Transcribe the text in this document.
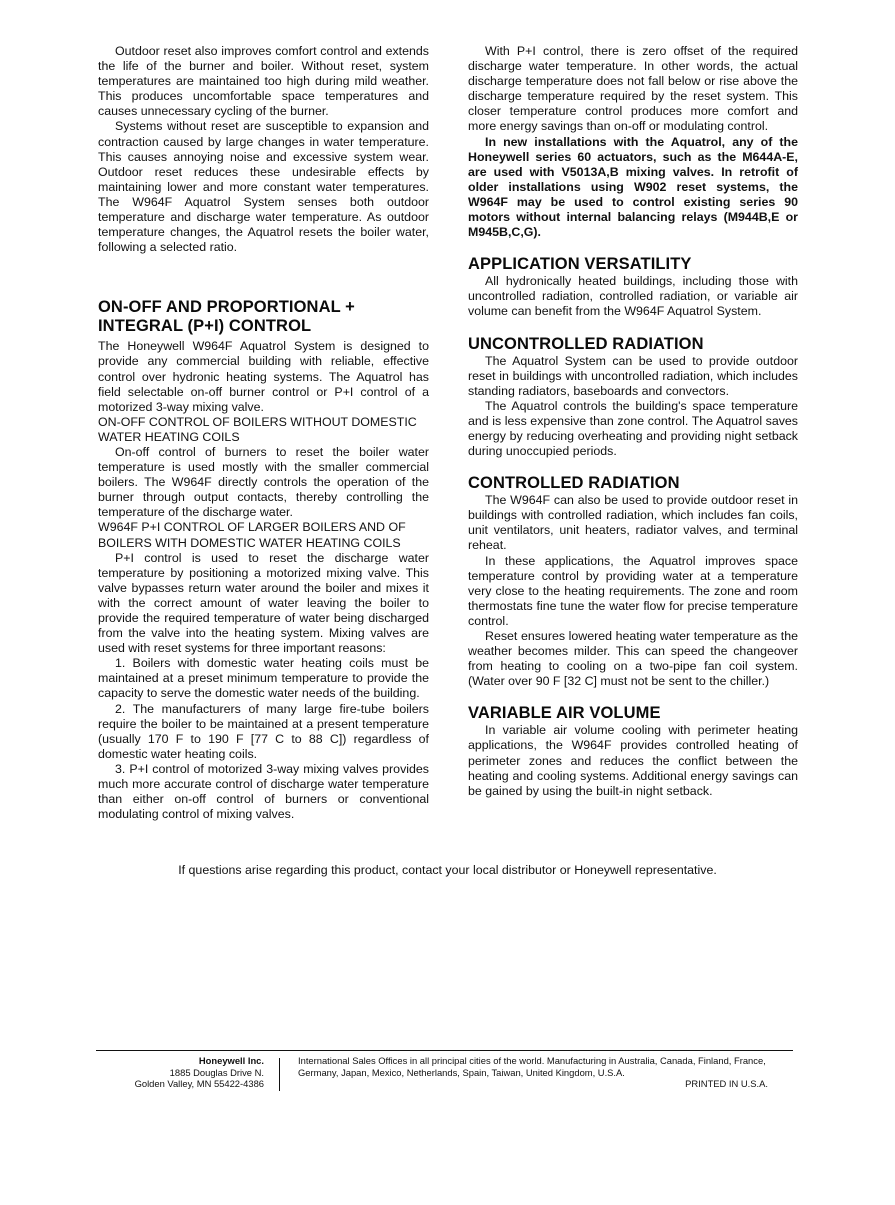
Outdoor reset also improves comfort control and extends the life of the burner and boiler. Without reset, system temperatures are maintained too high during mild weather. This produces uncomfortable space temperatures and causes unnecessary cycling of the burner.

Systems without reset are susceptible to expansion and contraction caused by large changes in water temperature. This causes annoying noise and excessive system wear. Outdoor reset reduces these undesirable effects by maintaining lower and more constant water temperatures. The W964F Aquatrol System senses both outdoor temperature and discharge water temperature. As outdoor temperature changes, the Aquatrol resets the boiler water, following a selected ratio.

ON-OFF AND PROPORTIONAL + INTEGRAL (P+I) CONTROL

The Honeywell W964F Aquatrol System is designed to provide any commercial building with reliable, effective control over hydronic heating systems. The Aquatrol has field selectable on-off burner control or P+I control of a motorized 3-way mixing valve.

ON-OFF CONTROL OF BOILERS WITHOUT DOMESTIC WATER HEATING COILS

On-off control of burners to reset the boiler water temperature is used mostly with the smaller commercial boilers. The W964F directly controls the operation of the burner through output contacts, thereby controlling the temperature of the discharge water.

W964F P+I CONTROL OF LARGER BOILERS AND OF BOILERS WITH DOMESTIC WATER HEATING COILS

P+I control is used to reset the discharge water temperature by positioning a motorized mixing valve. This valve bypasses return water around the boiler and mixes it with the correct amount of water leaving the boiler to provide the required temperature of water being discharged from the valve into the heating system. Mixing valves are used with reset systems for three important reasons:

1. Boilers with domestic water heating coils must be maintained at a preset minimum temperature to provide the capacity to serve the domestic water needs of the building.

2. The manufacturers of many large fire-tube boilers require the boiler to be maintained at a present temperature (usually 170 F to 190 F [77 C to 88 C]) regardless of domestic water heating coils.

3. P+I control of motorized 3-way mixing valves provides much more accurate control of discharge water temperature than either on-off control of burners or conventional modulating control of mixing valves.

With P+I control, there is zero offset of the required discharge water temperature. In other words, the actual discharge temperature does not fall below or rise above the discharge temperature required by the reset system. This closer temperature control produces more comfort and more energy savings than on-off or modulating control.

In new installations with the Aquatrol, any of the Honeywell series 60 actuators, such as the M644A-E, are used with V5013A,B mixing valves. In retrofit of older installations using W902 reset systems, the W964F may be used to control existing series 90 motors without internal balancing relays (M944B,E or M945B,C,G).

APPLICATION VERSATILITY

All hydronically heated buildings, including those with uncontrolled radiation, controlled radiation, or variable air volume can benefit from the W964F Aquatrol System.

UNCONTROLLED RADIATION

The Aquatrol System can be used to provide outdoor reset in buildings with uncontrolled radiation, which includes standing radiators, baseboards and convectors.

The Aquatrol controls the building's space temperature and is less expensive than zone control. The Aquatrol saves energy by reducing overheating and providing night setback during unoccupied periods.

CONTROLLED RADIATION

The W964F can also be used to provide outdoor reset in buildings with controlled radiation, which includes fan coils, unit ventilators, unit heaters, radiator valves, and terminal reheat.

In these applications, the Aquatrol improves space temperature control by providing water at a temperature very close to the heating requirements. The zone and room thermostats fine tune the water flow for precise temperature control.

Reset ensures lowered heating water temperature as the weather becomes milder. This can speed the changeover from heating to cooling on a two-pipe fan coil system. (Water over 90 F [32 C] must not be sent to the chiller.)

VARIABLE AIR VOLUME

In variable air volume cooling with perimeter heating applications, the W964F provides controlled heating of perimeter zones and reduces the conflict between the heating and cooling systems. Additional energy savings can be gained by using the built-in night setback.

If questions arise regarding this product, contact your local distributor or Honeywell representative.
Honeywell Inc.
1885 Douglas Drive N.
Golden Valley, MN 55422-4386
International Sales Offices in all principal cities of the world. Manufacturing in Australia, Canada, Finland, France, Germany, Japan, Mexico, Netherlands, Spain, Taiwan, United Kingdom, U.S.A.
PRINTED IN U.S.A.
